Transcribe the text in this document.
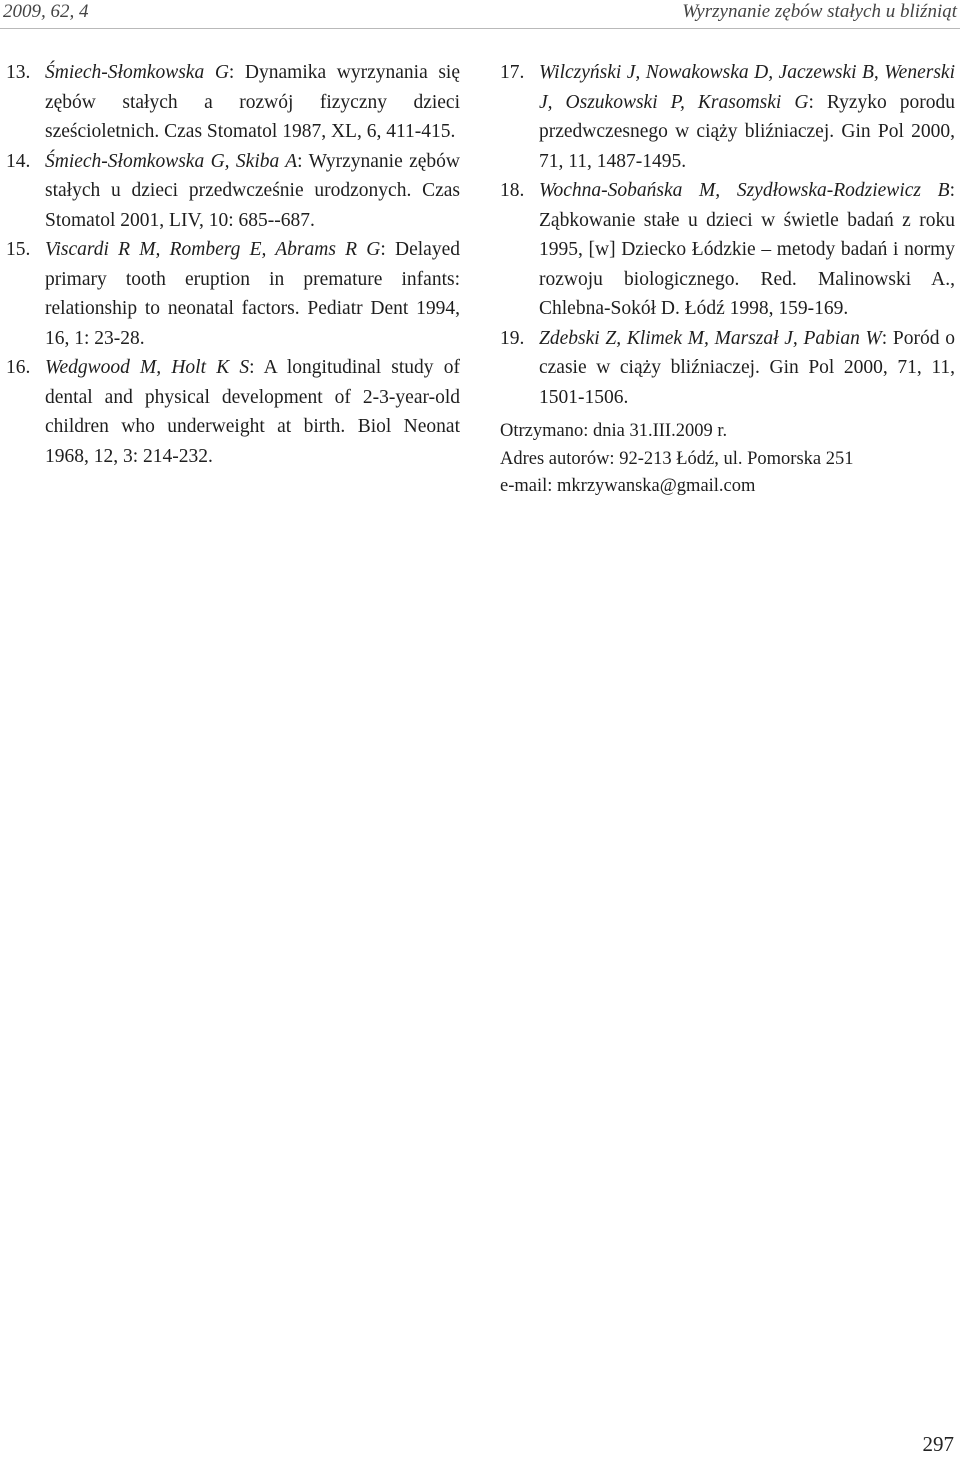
2009, 62, 4	Wyrzynanie zębów stałych u bliźniąt

13. Śmiech-Słomkowska G: Dynamika wyrzynania się zębów stałych a rozwój fizyczny dzieci sześcioletnich. Czas Stomatol 1987, XL, 6, 411-415.

14. Śmiech-Słomkowska G, Skiba A: Wyrzynanie zębów stałych u dzieci przedwcześnie urodzonych. Czas Stomatol 2001, LIV, 10: 685--687.

15. Viscardi R M, Romberg E, Abrams R G: Delayed primary tooth eruption in premature infants: relationship to neonatal factors. Pediatr Dent 1994, 16, 1: 23-28.

16. Wedgwood M, Holt K S: A longitudinal study of dental and physical development of 2-3-year-old children who underweight at birth. Biol Neonat 1968, 12, 3: 214-232.

17. Wilczyński J, Nowakowska D, Jaczewski B, Wenerski J, Oszukowski P, Krasomski G: Ryzyko porodu przedwczesnego w ciąży bliźniaczej. Gin Pol 2000, 71, 11, 1487-1495.

18. Wochna-Sobańska M, Szydłowska-Rodziewicz B: Ząbkowanie stałe u dzieci w świetle badań z roku 1995, [w] Dziecko Łódzkie – metody badań i normy rozwoju biologicznego. Red. Malinowski A., Chlebna-Sokół D. Łódź 1998, 159-169.

19. Zdebski Z, Klimek M, Marszał J, Pabian W: Poród o czasie w ciąży bliźniaczej. Gin Pol 2000, 71, 11, 1501-1506.

Otrzymano: dnia 31.III.2009 r.
Adres autorów: 92-213 Łódź, ul. Pomorska 251
e-mail: mkrzywanska@gmail.com
297
